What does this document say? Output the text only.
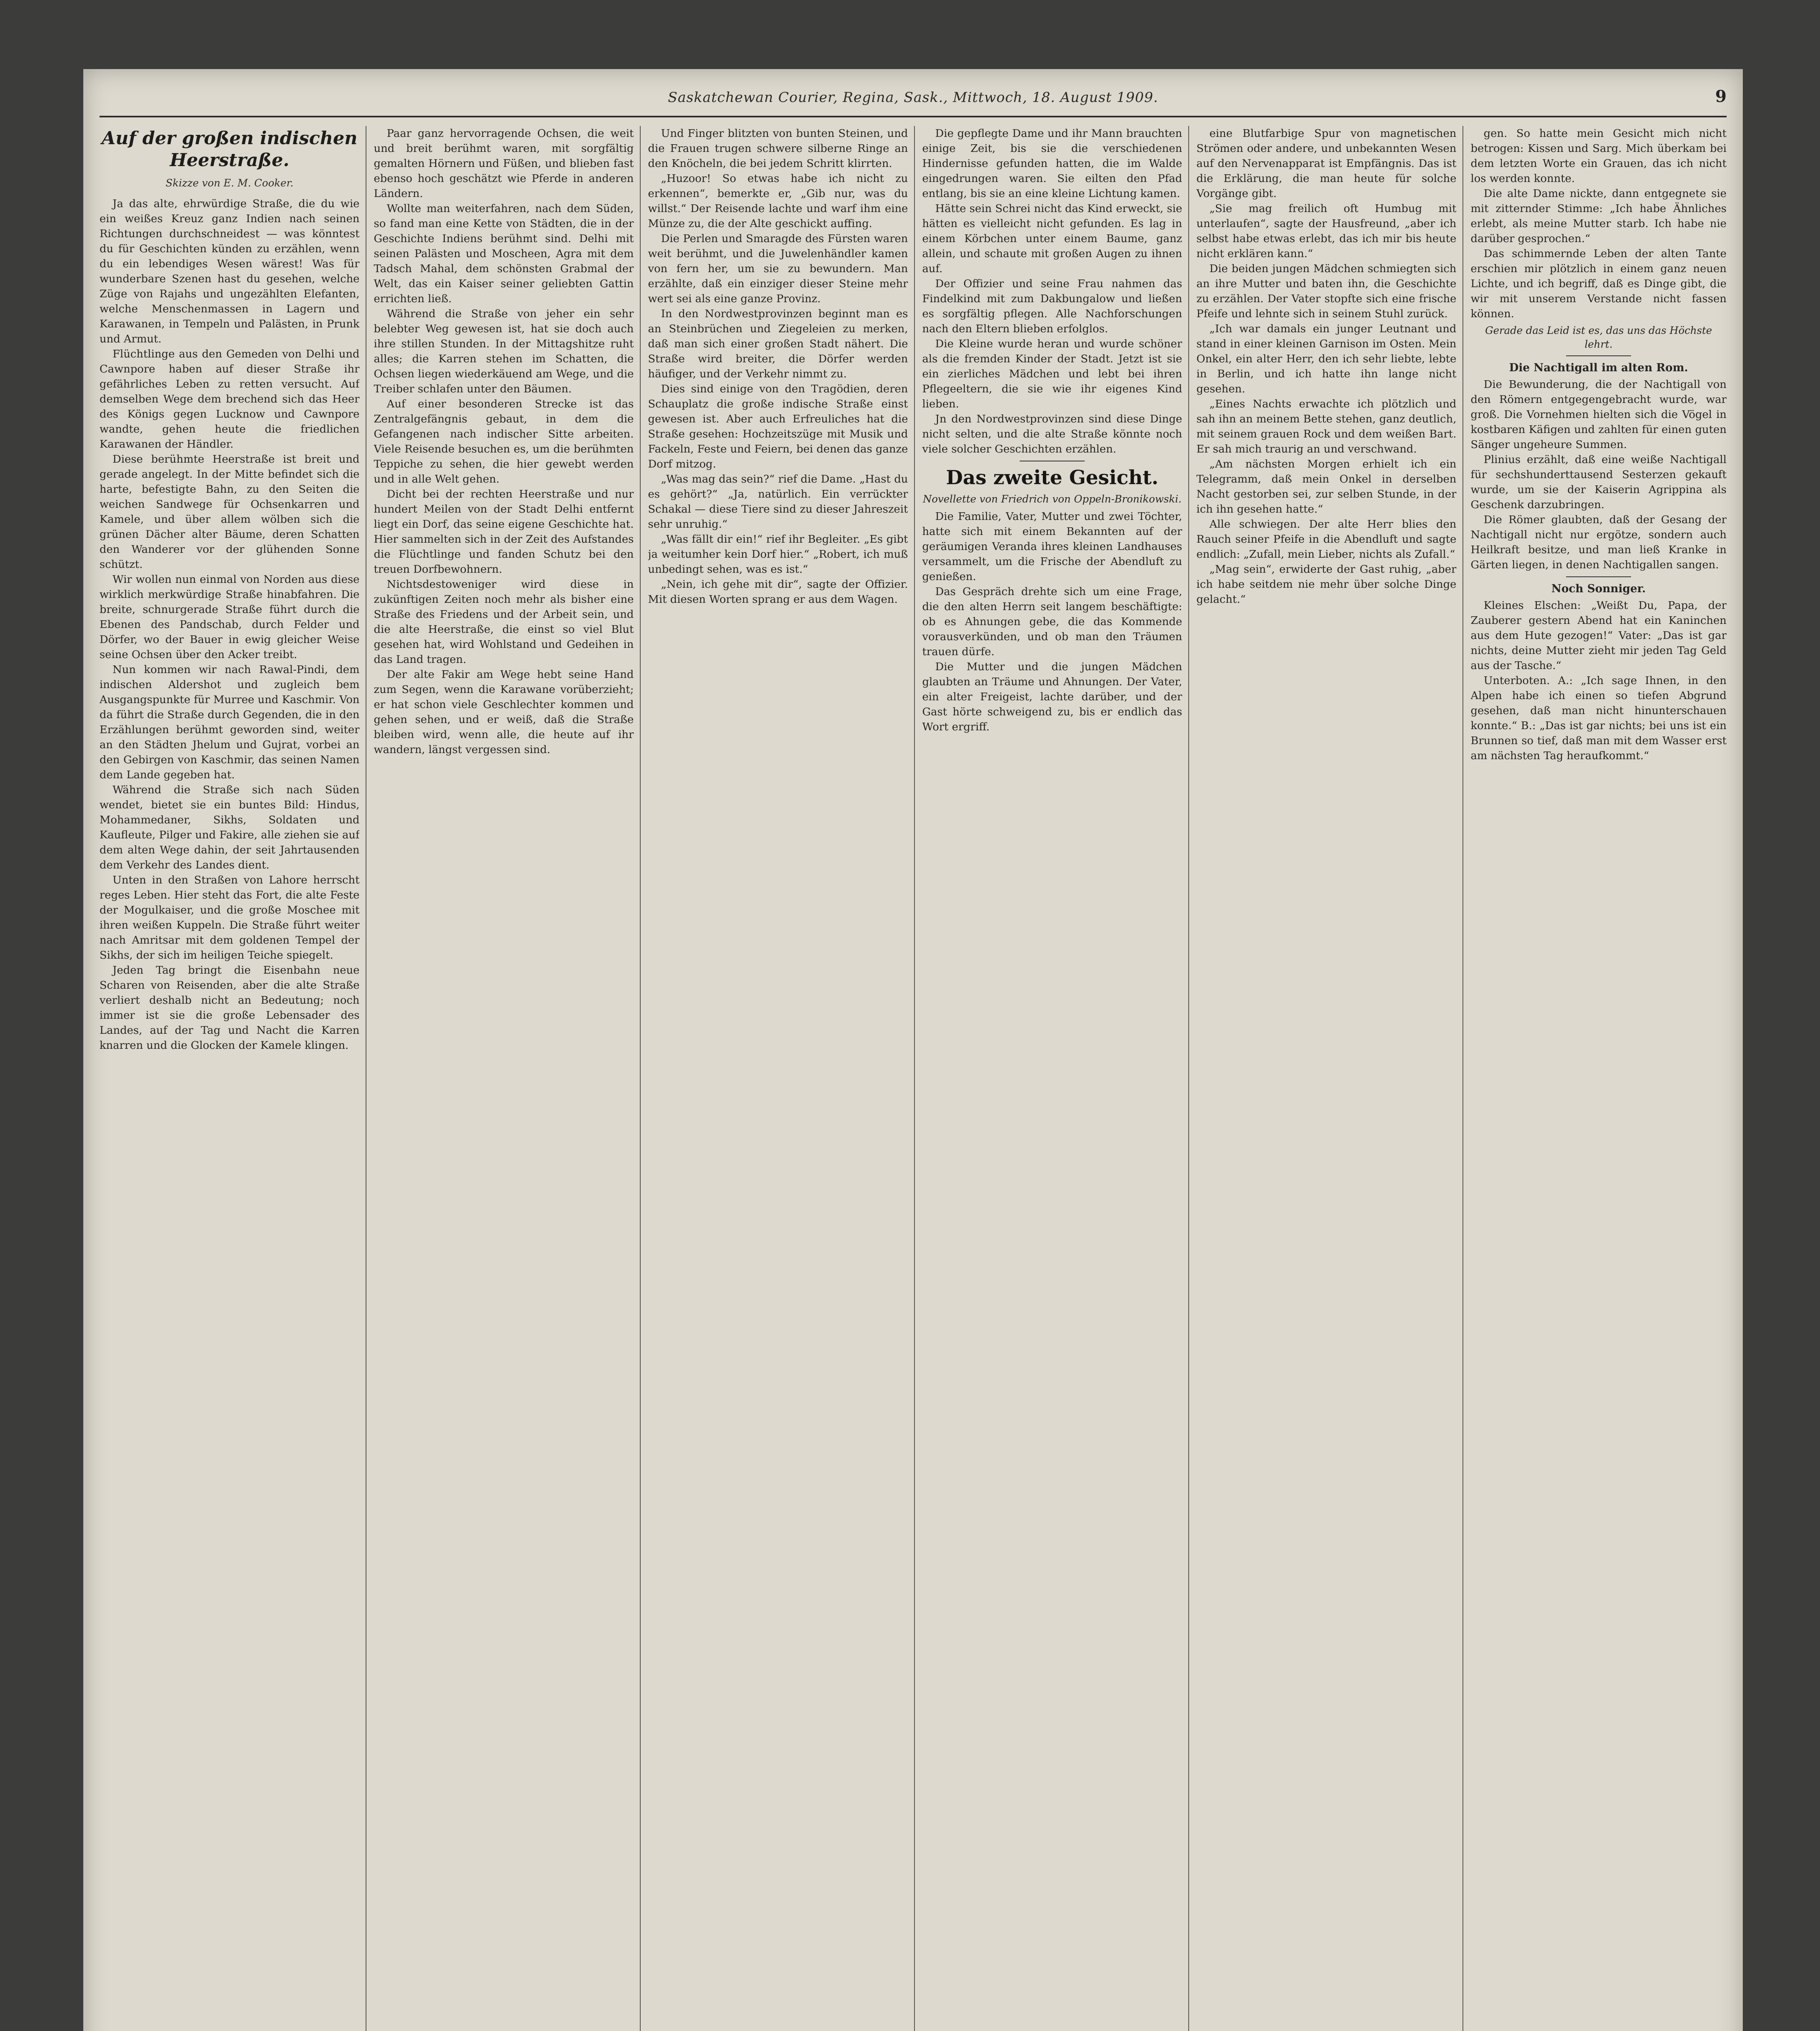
Saskatchewan Courier, Regina, Sask., Mittwoch, 18. August 1909.	9
Auf der großen indischen Heerstraße.
Skizze von E. M. Cooker.

Ja das alte, ehrwürdige Straße, die du wie ein weißes Kreuz ganz Indien nach seinen Richtungen durchschneidest — was könntest du für Geschichten künden zu erzählen, wenn du ein lebendiges Wesen wärest! Was für wunderbare Szenen hast du gesehen, welche Züge von Rajahs und ungezählten Elefanten, welche Menschenmassen in Lagern und Karawanen, in Tempeln und Palästen, in Prunk und Armut.

Flüchtlinge aus den Gemeden von Delhi und Cawnpore haben auf dieser Straße ihr gefährliches Leben zu retten versucht. Auf demselben Wege dem brechend sich das Heer des Königs gegen Lucknow und Cawnpore wandte, gehen heute die friedlichen Karawanen der Händler.

Diese berühmte Heerstraße ist breit und gerade angelegt. In der Mitte befindet sich die harte, befestigte Bahn, zu den Seiten die weichen Sandwege für Ochsenkarren und Kamele, und über allem wölben sich die grünen Dächer alter Bäume, deren Schatten den Wanderer vor der glühenden Sonne schützt.

Wir wollen nun einmal von Norden aus diese wirklich merkwürdige Straße hinabfahren. Die breite, schnurgerade Straße führt durch die Ebenen des Pandschab, durch Felder und Dörfer, wo der Bauer in ewig gleicher Weise seine Ochsen über den Acker treibt.

Nun kommen wir nach Rawal-Pindi, dem indischen Aldershot und zugleich bem Ausgangspunkte für Murree und Kaschmir. Von da führt die Straße durch Gegenden, die in den Erzählungen berühmt geworden sind, weiter an den Städten Jhelum und Gujrat, vorbei an den Gebirgen von Kaschmir, das seinen Namen dem Lande gegeben hat.

Während die Straße sich nach Süden wendet, bietet sie ein buntes Bild: Hindus, Mohammedaner, Sikhs, Soldaten und Kaufleute, Pilger und Fakire, alle ziehen sie auf dem alten Wege dahin, der seit Jahrtausenden dem Verkehr des Landes dient.

Unten in den Straßen von Lahore herrscht reges Leben. Hier steht das Fort, die alte Feste der Mogulkaiser, und die große Moschee mit ihren weißen Kuppeln. Die Straße führt weiter nach Amritsar mit dem goldenen Tempel der Sikhs, der sich im heiligen Teiche spiegelt.

Jeden Tag bringt die Eisenbahn neue Scharen von Reisenden, aber die alte Straße verliert deshalb nicht an Bedeutung; noch immer ist sie die große Lebensader des Landes, auf der Tag und Nacht die Karren knarren und die Glocken der Kamele klingen.

Paar ganz hervorragende Ochsen, die weit und breit berühmt waren, mit sorgfältig gemalten Hörnern und Füßen, und blieben fast ebenso hoch geschätzt wie Pferde in anderen Ländern.

Wollte man weiterfahren, nach dem Süden, so fand man eine Kette von Städten, die in der Geschichte Indiens berühmt sind. Delhi mit seinen Palästen und Moscheen, Agra mit dem Tadsch Mahal, dem schönsten Grabmal der Welt, das ein Kaiser seiner geliebten Gattin errichten ließ.

Während die Straße von jeher ein sehr belebter Weg gewesen ist, hat sie doch auch ihre stillen Stunden. In der Mittagshitze ruht alles; die Karren stehen im Schatten, die Ochsen liegen wiederkäuend am Wege, und die Treiber schlafen unter den Bäumen.

Auf einer besonderen Strecke ist das Zentralgefängnis gebaut, in dem die Gefangenen nach indischer Sitte arbeiten. Viele Reisende besuchen es, um die berühmten Teppiche zu sehen, die hier gewebt werden und in alle Welt gehen.

Dicht bei der rechten Heerstraße und nur hundert Meilen von der Stadt Delhi entfernt liegt ein Dorf, das seine eigene Geschichte hat. Hier sammelten sich in der Zeit des Aufstandes die Flüchtlinge und fanden Schutz bei den treuen Dorfbewohnern.

Nichtsdestoweniger wird diese in zukünftigen Zeiten noch mehr als bisher eine Straße des Friedens und der Arbeit sein, und die alte Heerstraße, die einst so viel Blut gesehen hat, wird Wohlstand und Gedeihen in das Land tragen.

Der alte Fakir am Wege hebt seine Hand zum Segen, wenn die Karawane vorüberzieht; er hat schon viele Geschlechter kommen und gehen sehen, und er weiß, daß die Straße bleiben wird, wenn alle, die heute auf ihr wandern, längst vergessen sind.

Und Finger blitzten von bunten Steinen, und die Frauen trugen schwere silberne Ringe an den Knöcheln, die bei jedem Schritt klirrten.

„Huzoor! So etwas habe ich nicht zu erkennen“, bemerkte er, „Gib nur, was du willst.“ Der Reisende lachte und warf ihm eine Münze zu, die der Alte geschickt auffing.

Die Perlen und Smaragde des Fürsten waren weit berühmt, und die Juwelenhändler kamen von fern her, um sie zu bewundern. Man erzählte, daß ein einziger dieser Steine mehr wert sei als eine ganze Provinz.

In den Nordwestprovinzen beginnt man es an Steinbrüchen und Ziegeleien zu merken, daß man sich einer großen Stadt nähert. Die Straße wird breiter, die Dörfer werden häufiger, und der Verkehr nimmt zu.

Dies sind einige von den Tragödien, deren Schauplatz die große indische Straße einst gewesen ist. Aber auch Erfreuliches hat die Straße gesehen: Hochzeitszüge mit Musik und Fackeln, Feste und Feiern, bei denen das ganze Dorf mitzog.

„Was mag das sein?“ rief die Dame. „Hast du es gehört?“ „Ja, natürlich. Ein verrückter Schakal — diese Tiere sind zu dieser Jahreszeit sehr unruhig.“

„Was fällt dir ein!“ rief ihr Begleiter. „Es gibt ja weitumher kein Dorf hier.“ „Robert, ich muß unbedingt sehen, was es ist.“

„Nein, ich gehe mit dir“, sagte der Offizier. Mit diesen Worten sprang er aus dem Wagen.

Die gepflegte Dame und ihr Mann brauchten einige Zeit, bis sie die verschiedenen Hindernisse gefunden hatten, die im Walde eingedrungen waren. Sie eilten den Pfad entlang, bis sie an eine kleine Lichtung kamen.

Hätte sein Schrei nicht das Kind erweckt, sie hätten es vielleicht nicht gefunden. Es lag in einem Körbchen unter einem Baume, ganz allein, und schaute mit großen Augen zu ihnen auf.

Der Offizier und seine Frau nahmen das Findelkind mit zum Dakbungalow und ließen es sorgfältig pflegen. Alle Nachforschungen nach den Eltern blieben erfolglos.

Die Kleine wurde heran und wurde schöner als die fremden Kinder der Stadt. Jetzt ist sie ein zierliches Mädchen und lebt bei ihren Pflegeeltern, die sie wie ihr eigenes Kind lieben.

Jn den Nordwestprovinzen sind diese Dinge nicht selten, und die alte Straße könnte noch viele solcher Geschichten erzählen.

Das zweite Gesicht.
Novellette von Friedrich von Oppeln-Bronikowski.

Die Familie, Vater, Mutter und zwei Töchter, hatte sich mit einem Bekannten auf der geräumigen Veranda ihres kleinen Landhauses versammelt, um die Frische der Abendluft zu genießen.

Das Gespräch drehte sich um eine Frage, die den alten Herrn seit langem beschäftigte: ob es Ahnungen gebe, die das Kommende vorausverkünden, und ob man den Träumen trauen dürfe.

Die Mutter und die jungen Mädchen glaubten an Träume und Ahnungen. Der Vater, ein alter Freigeist, lachte darüber, und der Gast hörte schweigend zu, bis er endlich das Wort ergriff.

eine Blutfarbige Spur von magnetischen Strömen oder andere, und unbekannten Wesen auf den Nervenapparat ist Empfängnis. Das ist die Erklärung, die man heute für solche Vorgänge gibt.

„Sie mag freilich oft Humbug mit unterlaufen“, sagte der Hausfreund, „aber ich selbst habe etwas erlebt, das ich mir bis heute nicht erklären kann.“

Die beiden jungen Mädchen schmiegten sich an ihre Mutter und baten ihn, die Geschichte zu erzählen. Der Vater stopfte sich eine frische Pfeife und lehnte sich in seinem Stuhl zurück.

„Ich war damals ein junger Leutnant und stand in einer kleinen Garnison im Osten. Mein Onkel, ein alter Herr, den ich sehr liebte, lebte in Berlin, und ich hatte ihn lange nicht gesehen.

„Eines Nachts erwachte ich plötzlich und sah ihn an meinem Bette stehen, ganz deutlich, mit seinem grauen Rock und dem weißen Bart. Er sah mich traurig an und verschwand.

„Am nächsten Morgen erhielt ich ein Telegramm, daß mein Onkel in derselben Nacht gestorben sei, zur selben Stunde, in der ich ihn gesehen hatte.“

Alle schwiegen. Der alte Herr blies den Rauch seiner Pfeife in die Abendluft und sagte endlich: „Zufall, mein Lieber, nichts als Zufall.“

„Mag sein“, erwiderte der Gast ruhig, „aber ich habe seitdem nie mehr über solche Dinge gelacht.“

gen. So hatte mein Gesicht mich nicht betrogen: Kissen und Sarg. Mich überkam bei dem letzten Worte ein Grauen, das ich nicht los werden konnte.

Die alte Dame nickte, dann entgegnete sie mit zitternder Stimme: „Ich habe Ähnliches erlebt, als meine Mutter starb. Ich habe nie darüber gesprochen.“

Das schimmernde Leben der alten Tante erschien mir plötzlich in einem ganz neuen Lichte, und ich begriff, daß es Dinge gibt, die wir mit unserem Verstande nicht fassen können.

Gerade das Leid ist es, das uns das Höchste lehrt.
Die Nachtigall im alten Rom.

Die Bewunderung, die der Nachtigall von den Römern entgegengebracht wurde, war groß. Die Vornehmen hielten sich die Vögel in kostbaren Käfigen und zahlten für einen guten Sänger ungeheure Summen.

Plinius erzählt, daß eine weiße Nachtigall für sechshunderttausend Sesterzen gekauft wurde, um sie der Kaiserin Agrippina als Geschenk darzubringen.

Die Römer glaubten, daß der Gesang der Nachtigall nicht nur ergötze, sondern auch Heilkraft besitze, und man ließ Kranke in Gärten liegen, in denen Nachtigallen sangen.

Noch Sonniger.

Kleines Elschen: „Weißt Du, Papa, der Zauberer gestern Abend hat ein Kaninchen aus dem Hute gezogen!“ Vater: „Das ist gar nichts, deine Mutter zieht mir jeden Tag Geld aus der Tasche.“

Unterboten. A.: „Ich sage Ihnen, in den Alpen habe ich einen so tiefen Abgrund gesehen, daß man nicht hinunterschauen konnte.“ B.: „Das ist gar nichts; bei uns ist ein Brunnen so tief, daß man mit dem Wasser erst am nächsten Tag heraufkommt.“
